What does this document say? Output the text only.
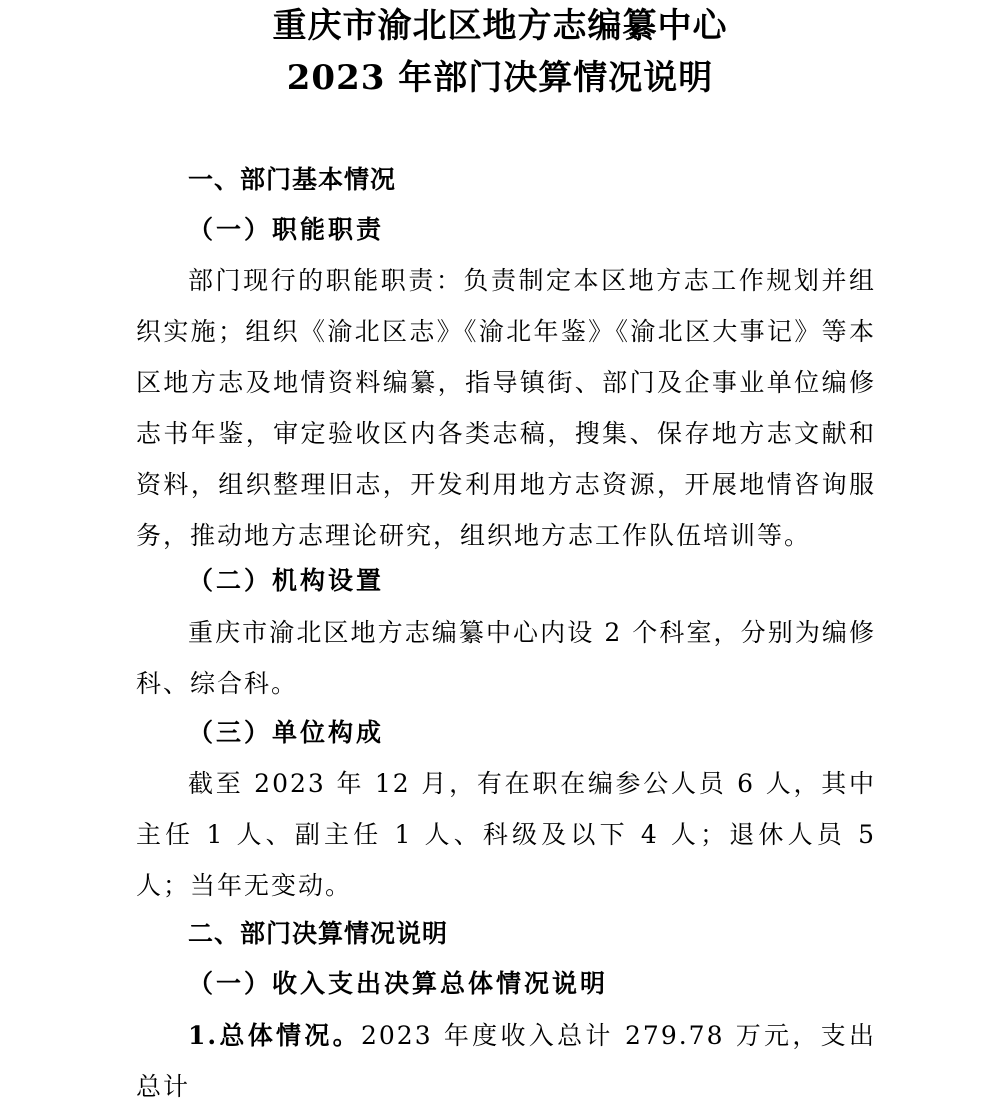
重庆市渝北区地方志编纂中心
2023 年部门决算情况说明
一、部门基本情况
（一）职能职责

部门现行的职能职责：负责制定本区地方志工作规划并组织实施；组织《渝北区志》《渝北年鉴》《渝北区大事记》等本区地方志及地情资料编纂，指导镇街、部门及企事业单位编修志书年鉴，审定验收区内各类志稿，搜集、保存地方志文献和资料，组织整理旧志，开发利用地方志资源，开展地情咨询服务，推动地方志理论研究，组织地方志工作队伍培训等。

（二）机构设置

重庆市渝北区地方志编纂中心内设 2 个科室，分别为编修科、综合科。

（三）单位构成

截至 2023 年 12 月，有在职在编参公人员 6 人，其中主任 1 人、副主任 1 人、科级及以下 4 人；退休人员 5 人；当年无变动。

二、部门决算情况说明
（一）收入支出决算总体情况说明

1.总体情况。2023 年度收入总计 279.78 万元，支出总计
